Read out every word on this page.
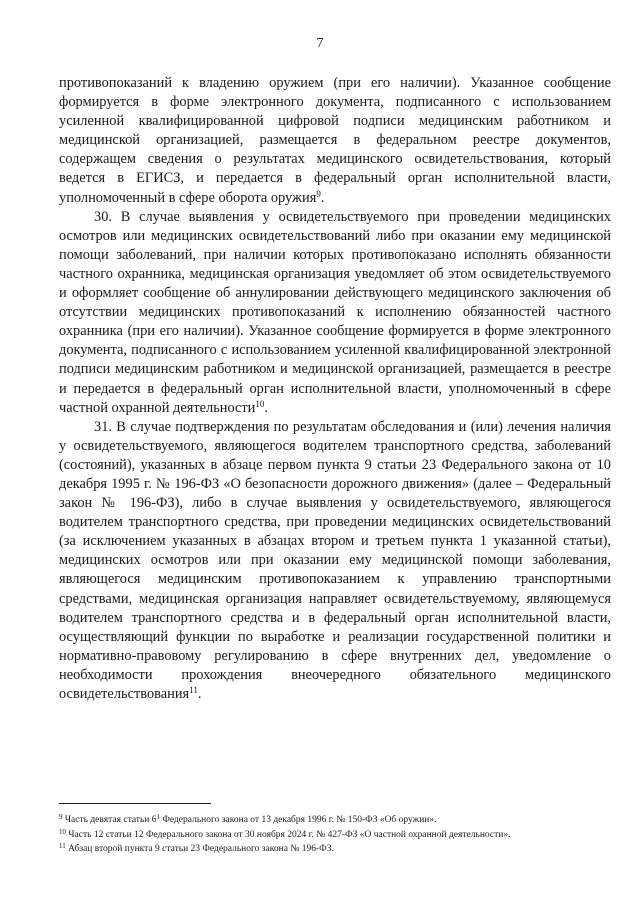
7

противопоказаний к владению оружием (при его наличии). Указанное сообщение формируется в форме электронного документа, подписанного с использованием усиленной квалифицированной цифровой подписи медицинским работником и медицинской организацией, размещается в федеральном реестре документов, содержащем сведения о результатах медицинского освидетельствования, который ведется в ЕГИСЗ, и передается в федеральный орган исполнительной власти, уполномоченный в сфере оборота оружия$^9$.

30. В случае выявления у освидетельствуемого при проведении медицинских осмотров или медицинских освидетельствований либо при оказании ему медицинской помощи заболеваний, при наличии которых противопоказано исполнять обязанности частного охранника, медицинская организация уведомляет об этом освидетельствуемого и оформляет сообщение об аннулировании действующего медицинского заключения об отсутствии медицинских противопоказаний к исполнению обязанностей частного охранника (при его наличии). Указанное сообщение формируется в форме электронного документа, подписанного с использованием усиленной квалифицированной электронной подписи медицинским работником и медицинской организацией, размещается в реестре и передается в федеральный орган исполнительной власти, уполномоченный в сфере частной охранной деятельности$^{10}$.

31. В случае подтверждения по результатам обследования и (или) лечения наличия у освидетельствуемого, являющегося водителем транспортного средства, заболеваний (состояний), указанных в абзаце первом пункта 9 статьи 23 Федерального закона от 10 декабря 1995 г. № 196-ФЗ «О безопасности дорожного движения» (далее – Федеральный закон № 196-ФЗ), либо в случае выявления у освидетельствуемого, являющегося водителем транспортного средства, при проведении медицинских освидетельствований (за исключением указанных в абзацах втором и третьем пункта 1 указанной статьи), медицинских осмотров или при оказании ему медицинской помощи заболевания, являющегося медицинским противопоказанием к управлению транспортными средствами, медицинская организация направляет освидетельствуемому, являющемуся водителем транспортного средства и в федеральный орган исполнительной власти, осуществляющий функции по выработке и реализации государственной политики и нормативно-правовому регулированию в сфере внутренних дел, уведомление о необходимости прохождения внеочередного обязательного медицинского освидетельствования$^{11}$.

$^9$ Часть девятая статьи $6^1$ Федерального закона от 13 декабря 1996 г. № 150-ФЗ «Об оружии».
$^{10}$ Часть 12 статьи 12 Федерального закона от 30 ноября 2024 г. № 427-ФЗ «О частной охранной деятельности».
$^{11}$ Абзац второй пункта 9 статьи 23 Федерального закона № 196-ФЗ.
